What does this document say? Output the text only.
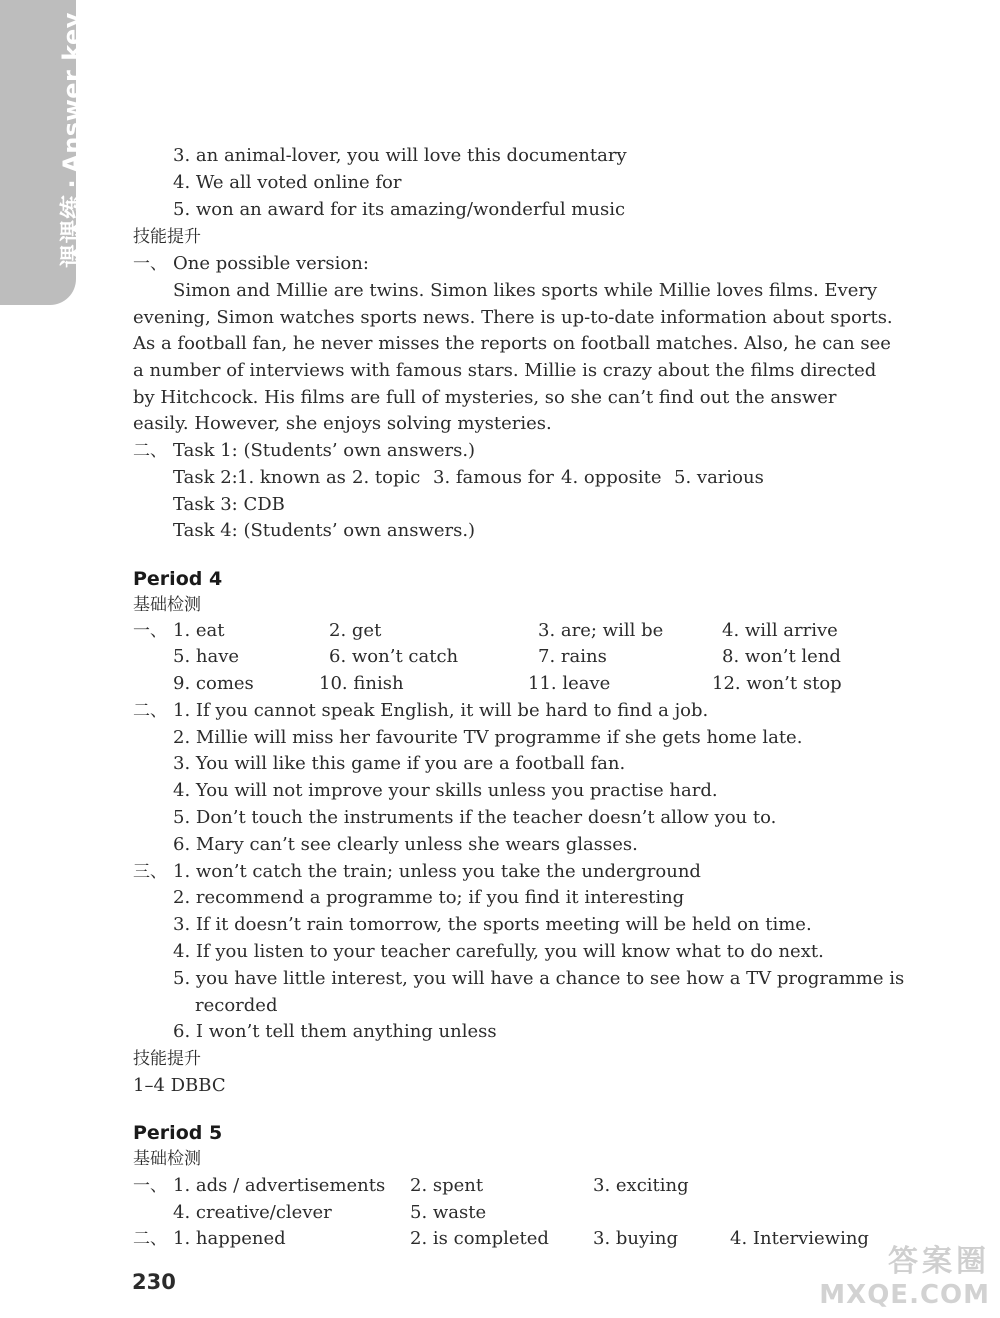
课课练·Answer key	3. an animal-lover, you will love this documentary
4. We all voted online for
5. won an award for its amazing/wonderful music
技能提升
一、 One possible version:
Simon and Millie are twins. Simon likes sports while Millie loves films. Every
evening, Simon watches sports news. There is up-to-date information about sports.
As a football fan, he never misses the reports on football matches. Also, he can see
a number of interviews with famous stars. Millie is crazy about the films directed
by Hitchcock. His films are full of mysteries, so she can’t find out the answer
easily. However, she enjoys solving mysteries.
二、 Task 1: (Students’ own answers.)
Task 2: 1. known as 2. topic 3. famous for 4. opposite 5. various
Task 3: CDB
Task 4: (Students’ own answers.)
Period 4
基础检测
一、 1. eat	2. get	3. are; will be	4. will arrive
5. have	6. won’t catch	7. rains	8. won’t lend
9. comes	10. finish	11. leave	12. won’t stop
二、 1. If you cannot speak English, it will be hard to find a job.
2. Millie will miss her favourite TV programme if she gets home late.
3. You will like this game if you are a football fan.
4. You will not improve your skills unless you practise hard.
5. Don’t touch the instruments if the teacher doesn’t allow you to.
6. Mary can’t see clearly unless she wears glasses.
三、 1. won’t catch the train; unless you take the underground
2. recommend a programme to; if you find it interesting
3. If it doesn’t rain tomorrow, the sports meeting will be held on time.
4. If you listen to your teacher carefully, you will know what to do next.
5. you have little interest, you will have a chance to see how a TV programme is
recorded
6. I won’t tell them anything unless
技能提升
1–4 DBBC
Period 5
基础检测
一、 1. ads / advertisements 2. spent	3. exciting
4. creative/clever	5. waste
二、 1. happened	2. is completed 3. buying	4. Interviewing
230
答案圈
MXQE.COM
